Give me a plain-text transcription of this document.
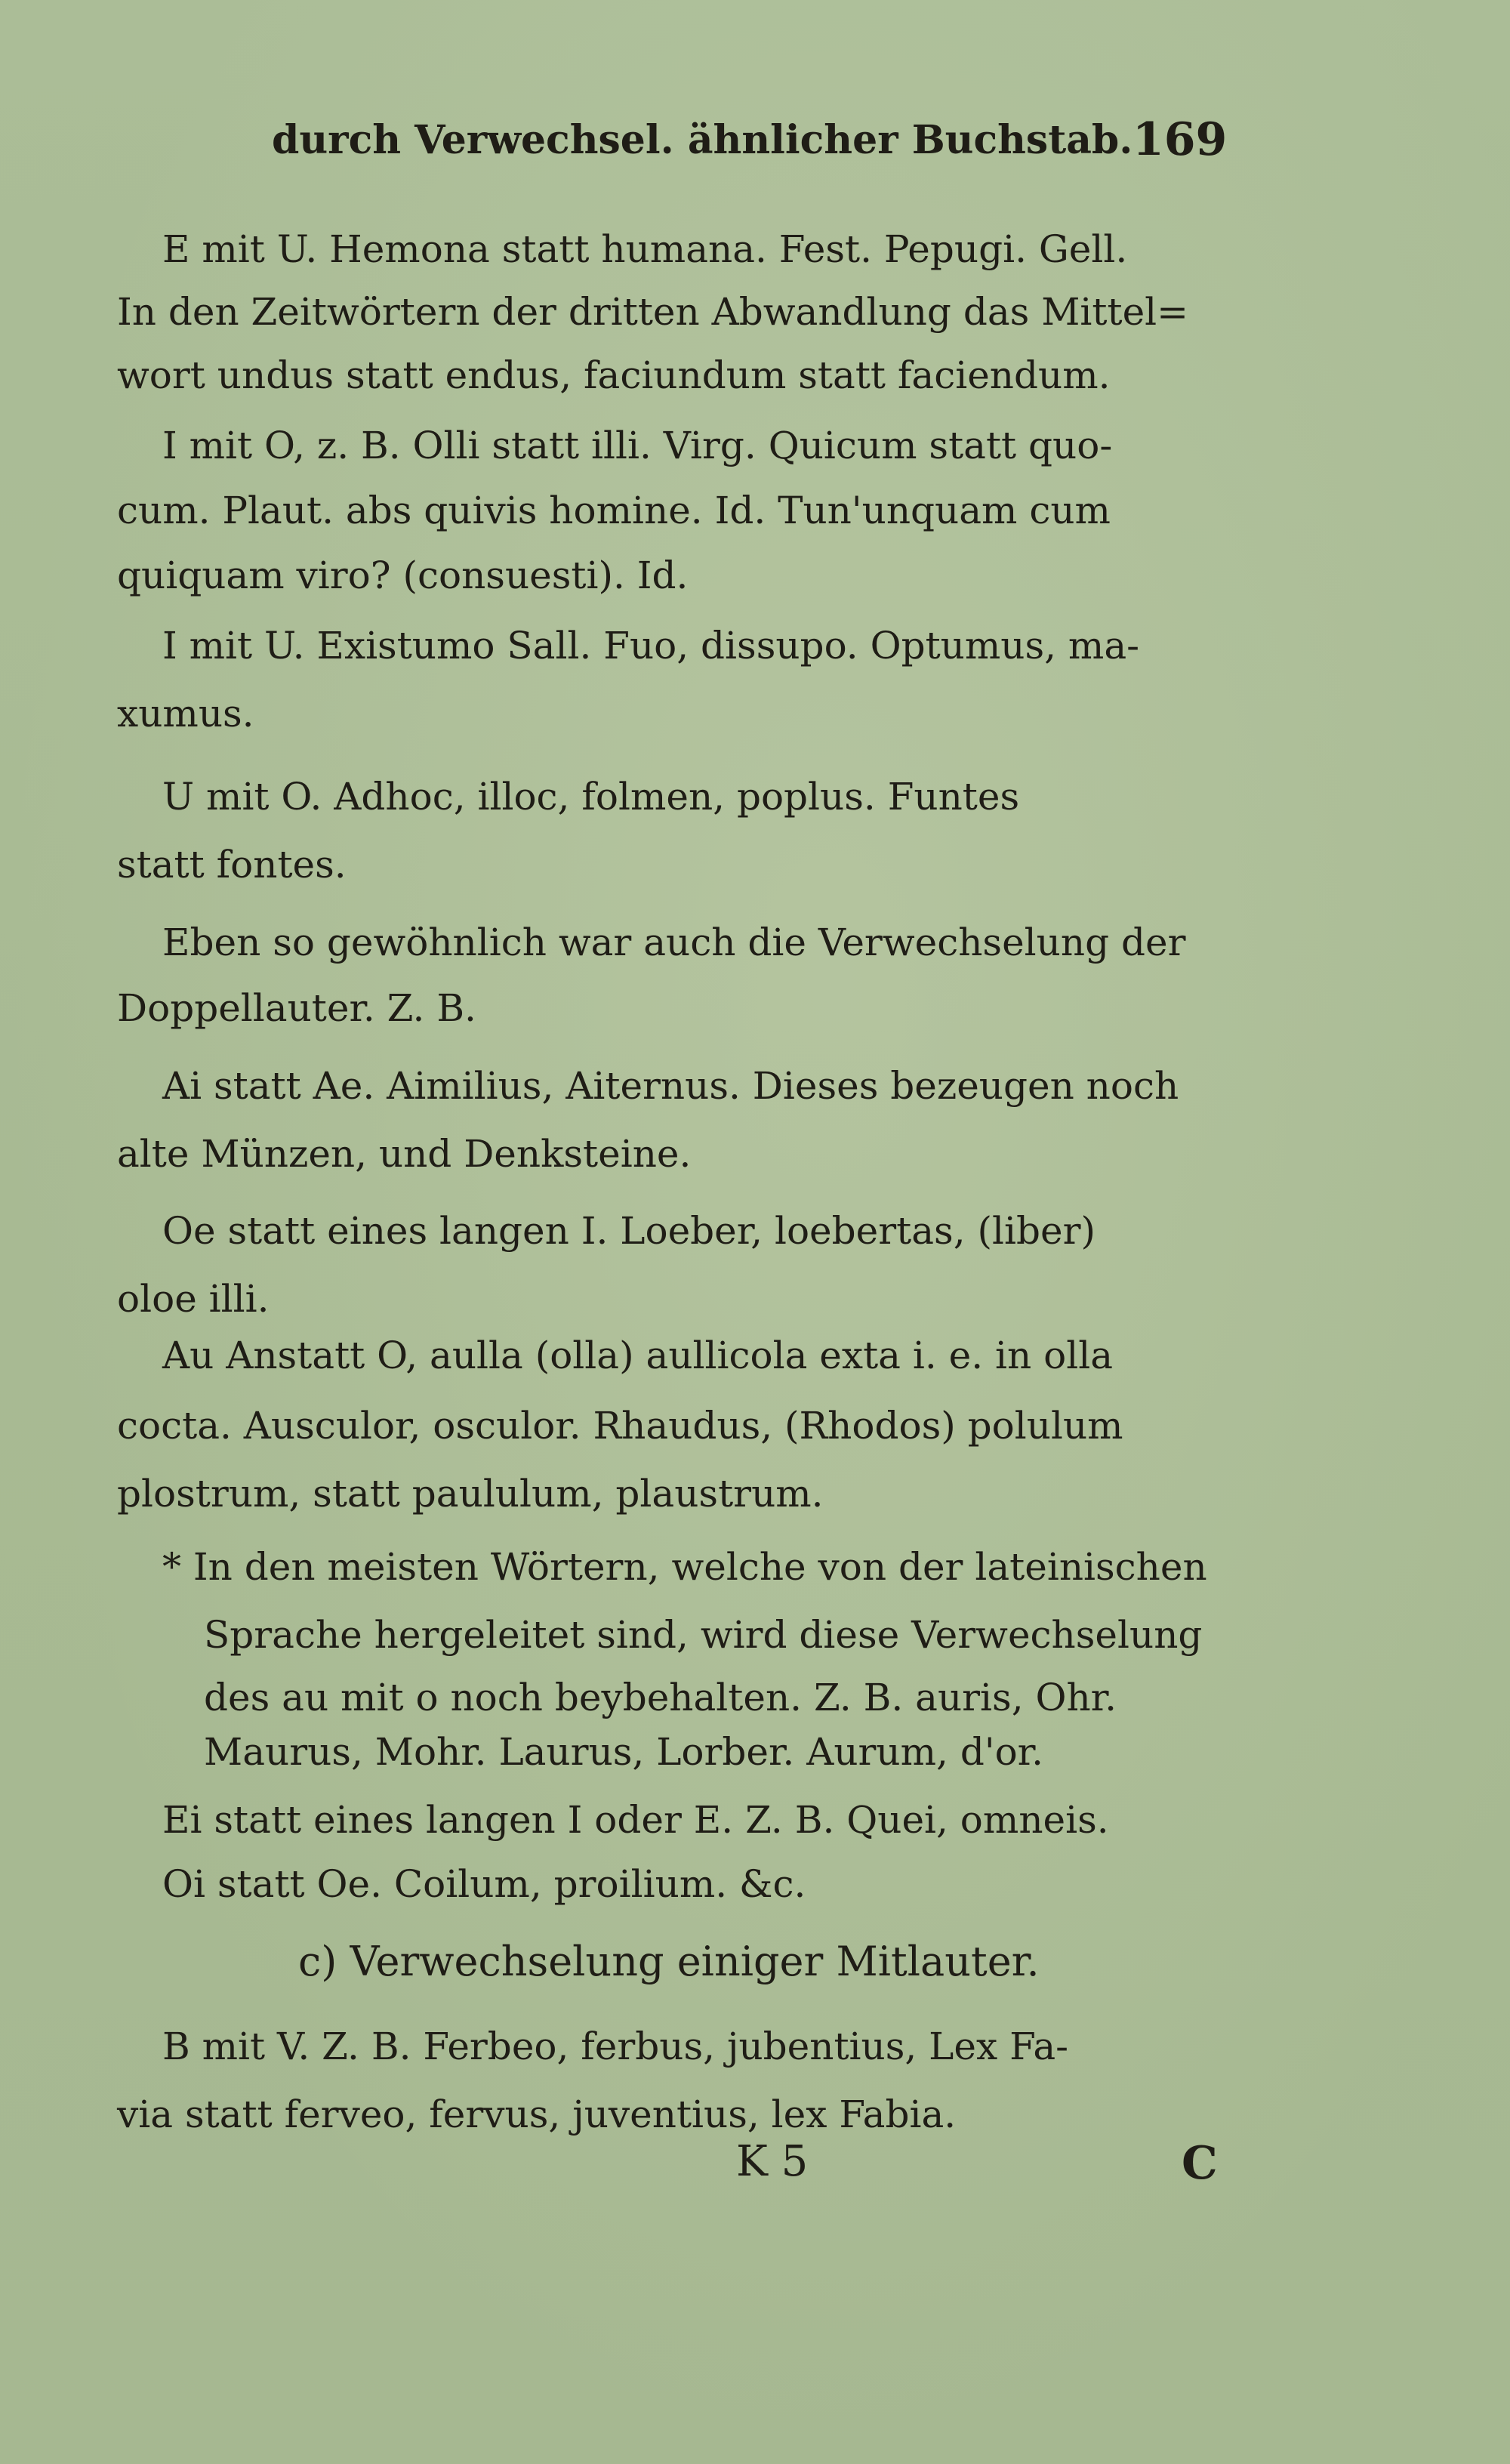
durch Verwechsel. ähnlicher Buchstab. 169
E mit U. Hemona statt humana. Fest. Pepugi. Gell.
In den Zeitwörtern der dritten Abwandlung das Mittel=
wort undus statt endus, faciundum statt faciendum.
I mit O, z. B. Olli statt illi. Virg. Quicum statt quo-
cum. Plaut. abs quivis homine. Id. Tun'unquam cum
quiquam viro? (consuesti). Id.
I mit U. Existumo Sall. Fuo, dissupo. Optumus, ma-
xumus.
U mit O. Adhoc, illoc, folmen, poplus. Funtes
statt fontes.
Eben so gewöhnlich war auch die Verwechselung der
Doppellauter. Z. B.
Ai statt Ae. Aimilius, Aiternus. Dieses bezeugen noch
alte Münzen, und Denksteine.
Oe statt eines langen I. Loeber, loebertas, (liber)
oloe illi.
Au Anstatt O, aulla (olla) aullicola exta i. e. in olla
cocta. Ausculor, osculor. Rhaudus, (Rhodos) polulum
plostrum, statt paululum, plaustrum.
* In den meisten Wörtern, welche von der lateinischen
Sprache hergeleitet sind, wird diese Verwechselung
des au mit o noch beybehalten. Z. B. auris, Ohr.
Maurus, Mohr. Laurus, Lorber. Aurum, d'or.
Ei statt eines langen I oder E. Z. B. Quei, omneis.
Oi statt Oe. Coilum, proilium. &c.
c) Verwechselung einiger Mitlauter.
B mit V. Z. B. Ferbeo, ferbus, jubentius, Lex Fa-
via statt ferveo, fervus, juventius, lex Fabia.
K 5	C
